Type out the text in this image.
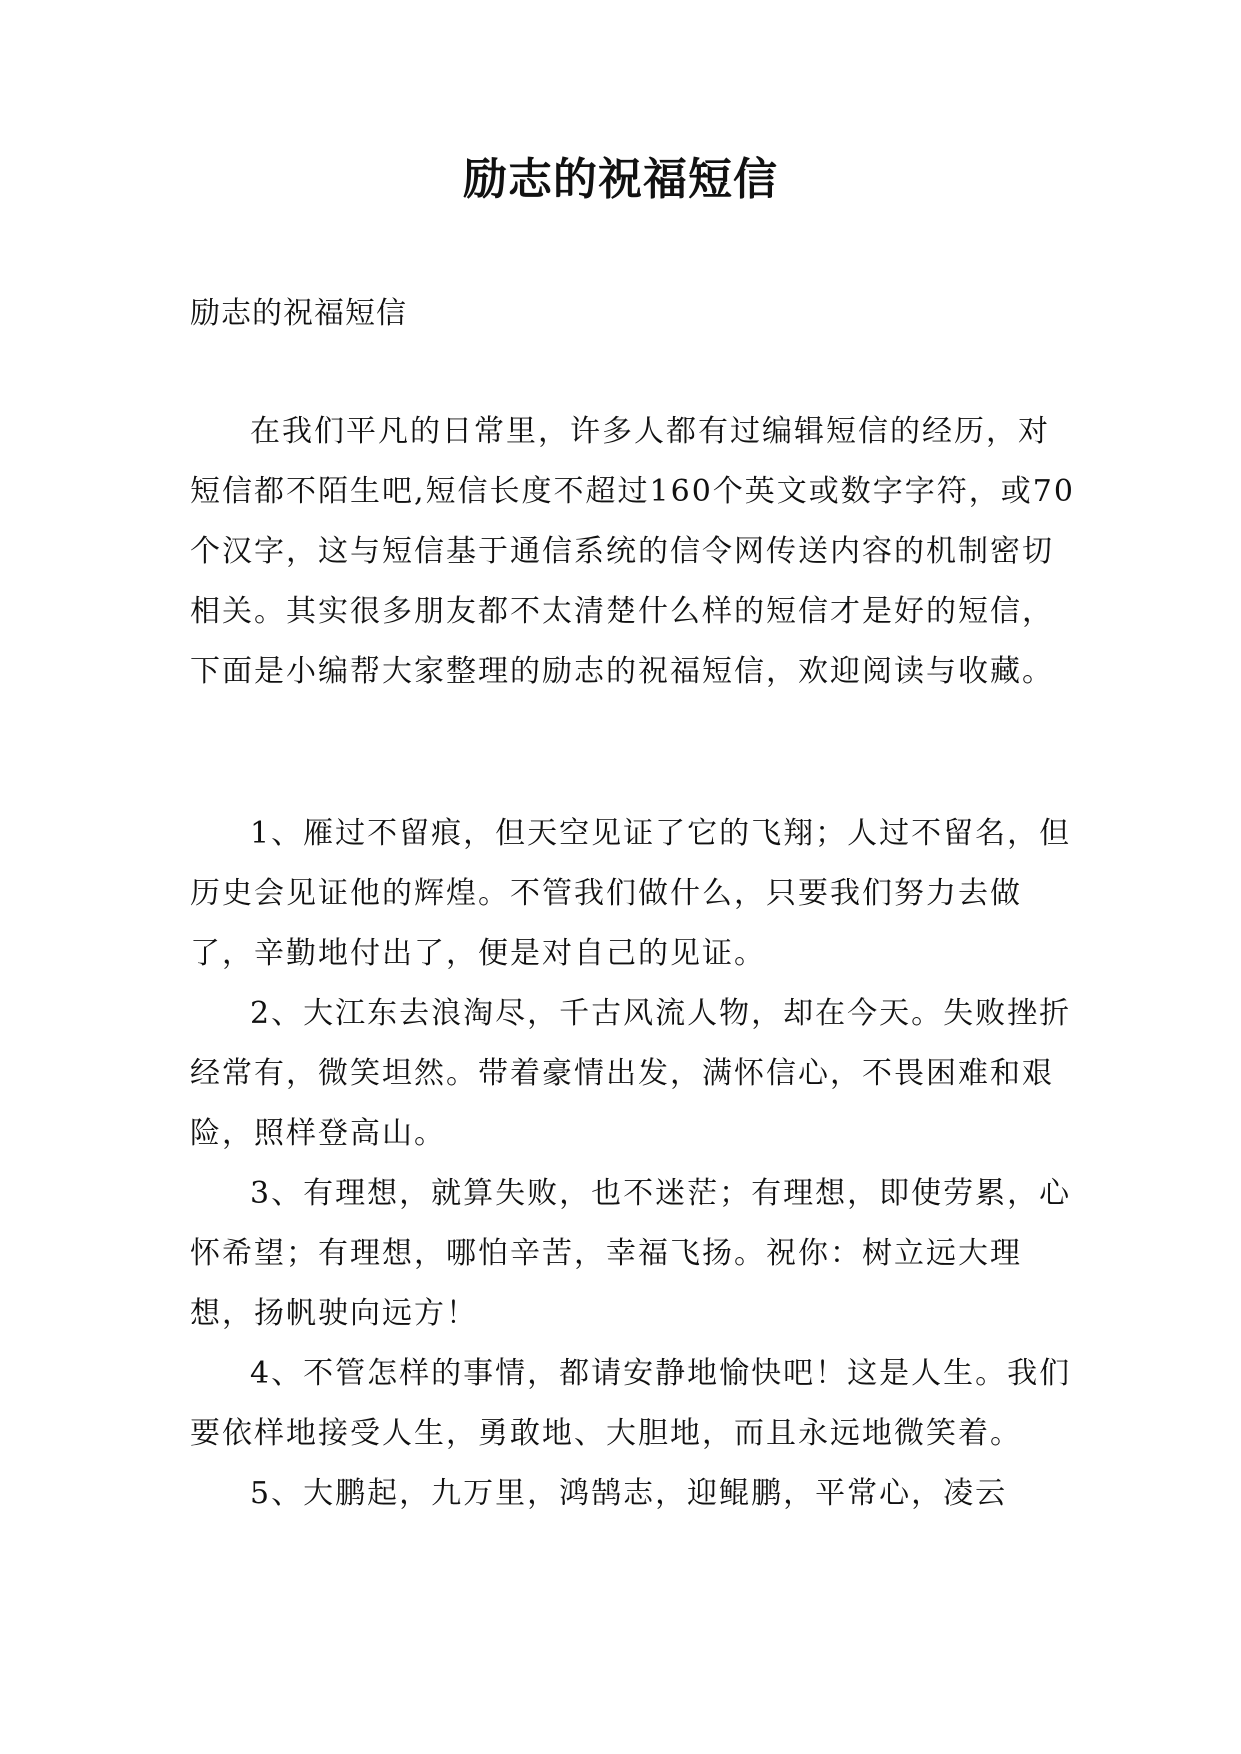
励志的祝福短信
励志的祝福短信

在我们平凡的日常里，许多人都有过编辑短信的经历，对短信都不陌生吧,短信长度不超过160个英文或数字字符，或70个汉字，这与短信基于通信系统的信令网传送内容的机制密切相关。其实很多朋友都不太清楚什么样的短信才是好的短信，下面是小编帮大家整理的励志的祝福短信，欢迎阅读与收藏。

1、雁过不留痕，但天空见证了它的飞翔；人过不留名，但历史会见证他的辉煌。不管我们做什么，只要我们努力去做了，辛勤地付出了，便是对自己的见证。

2、大江东去浪淘尽，千古风流人物，却在今天。失败挫折经常有，微笑坦然。带着豪情出发，满怀信心，不畏困难和艰险，照样登高山。

3、有理想，就算失败，也不迷茫；有理想，即使劳累，心怀希望；有理想，哪怕辛苦，幸福飞扬。祝你：树立远大理想，扬帆驶向远方！

4、不管怎样的事情，都请安静地愉快吧！这是人生。我们要依样地接受人生，勇敢地、大胆地，而且永远地微笑着。

5、大鹏起，九万里，鸿鹄志，迎鲲鹏，平常心，凌云
